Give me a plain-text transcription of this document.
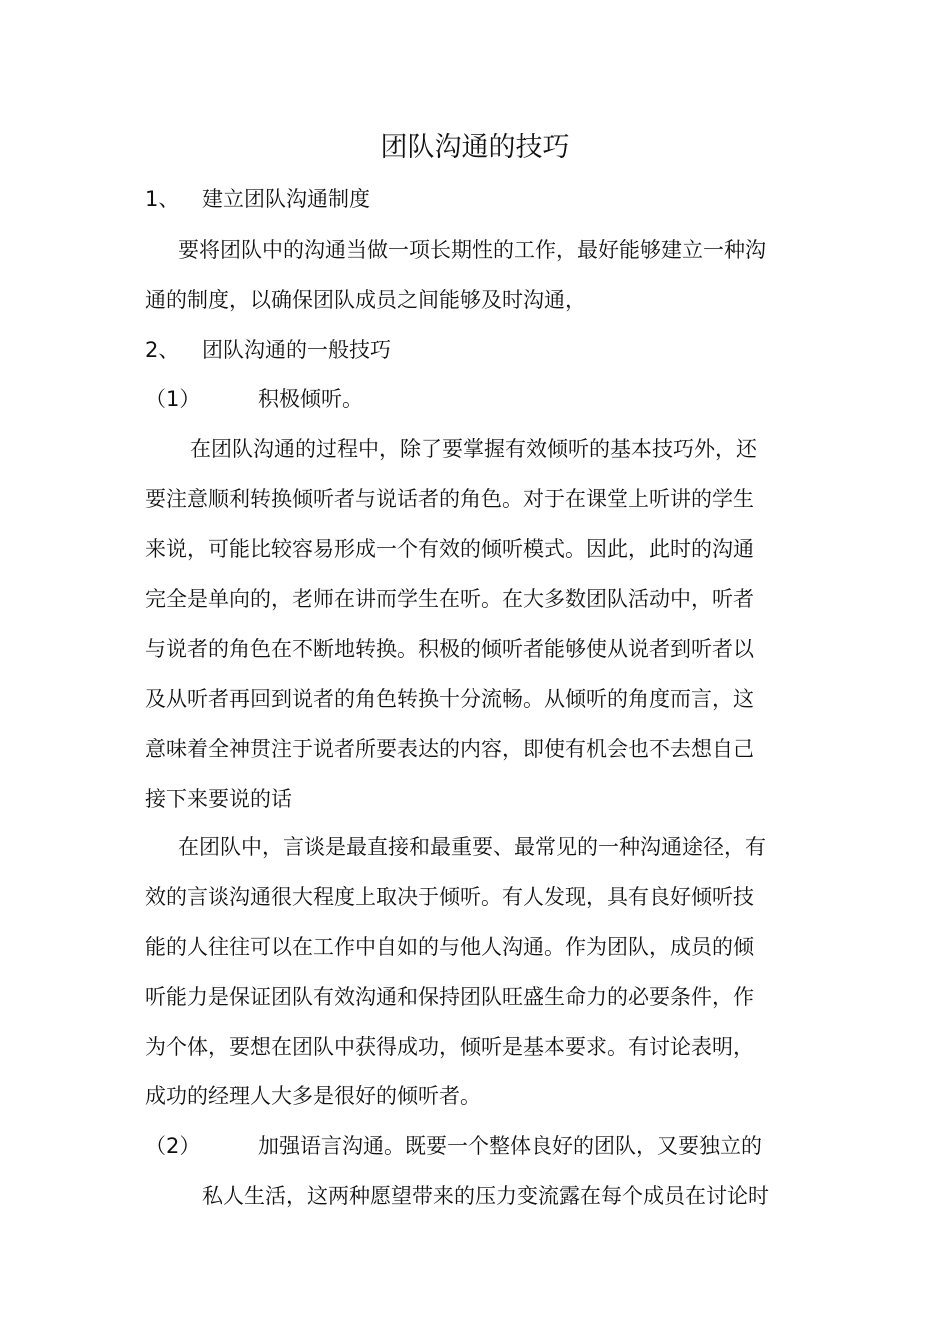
团队沟通的技巧
1、 建立团队沟通制度
要将团队中的沟通当做一项长期性的工作，最好能够建立一种沟
通的制度，以确保团队成员之间能够及时沟通，
2、 团队沟通的一般技巧
（1）	积极倾听。
在团队沟通的过程中，除了要掌握有效倾听的基本技巧外，还
要注意顺利转换倾听者与说话者的角色。对于在课堂上听讲的学生
来说，可能比较容易形成一个有效的倾听模式。因此，此时的沟通
完全是单向的，老师在讲而学生在听。在大多数团队活动中，听者
与说者的角色在不断地转换。积极的倾听者能够使从说者到听者以
及从听者再回到说者的角色转换十分流畅。从倾听的角度而言，这
意味着全神贯注于说者所要表达的内容，即使有机会也不去想自己
接下来要说的话
在团队中，言谈是最直接和最重要、最常见的一种沟通途径，有
效的言谈沟通很大程度上取决于倾听。有人发现，具有良好倾听技
能的人往往可以在工作中自如的与他人沟通。作为团队，成员的倾
听能力是保证团队有效沟通和保持团队旺盛生命力的必要条件，作
为个体，要想在团队中获得成功，倾听是基本要求。有讨论表明，
成功的经理人大多是很好的倾听者。
（2）	加强语言沟通。既要一个整体良好的团队，又要独立的
私人生活，这两种愿望带来的压力变流露在每个成员在讨论时
